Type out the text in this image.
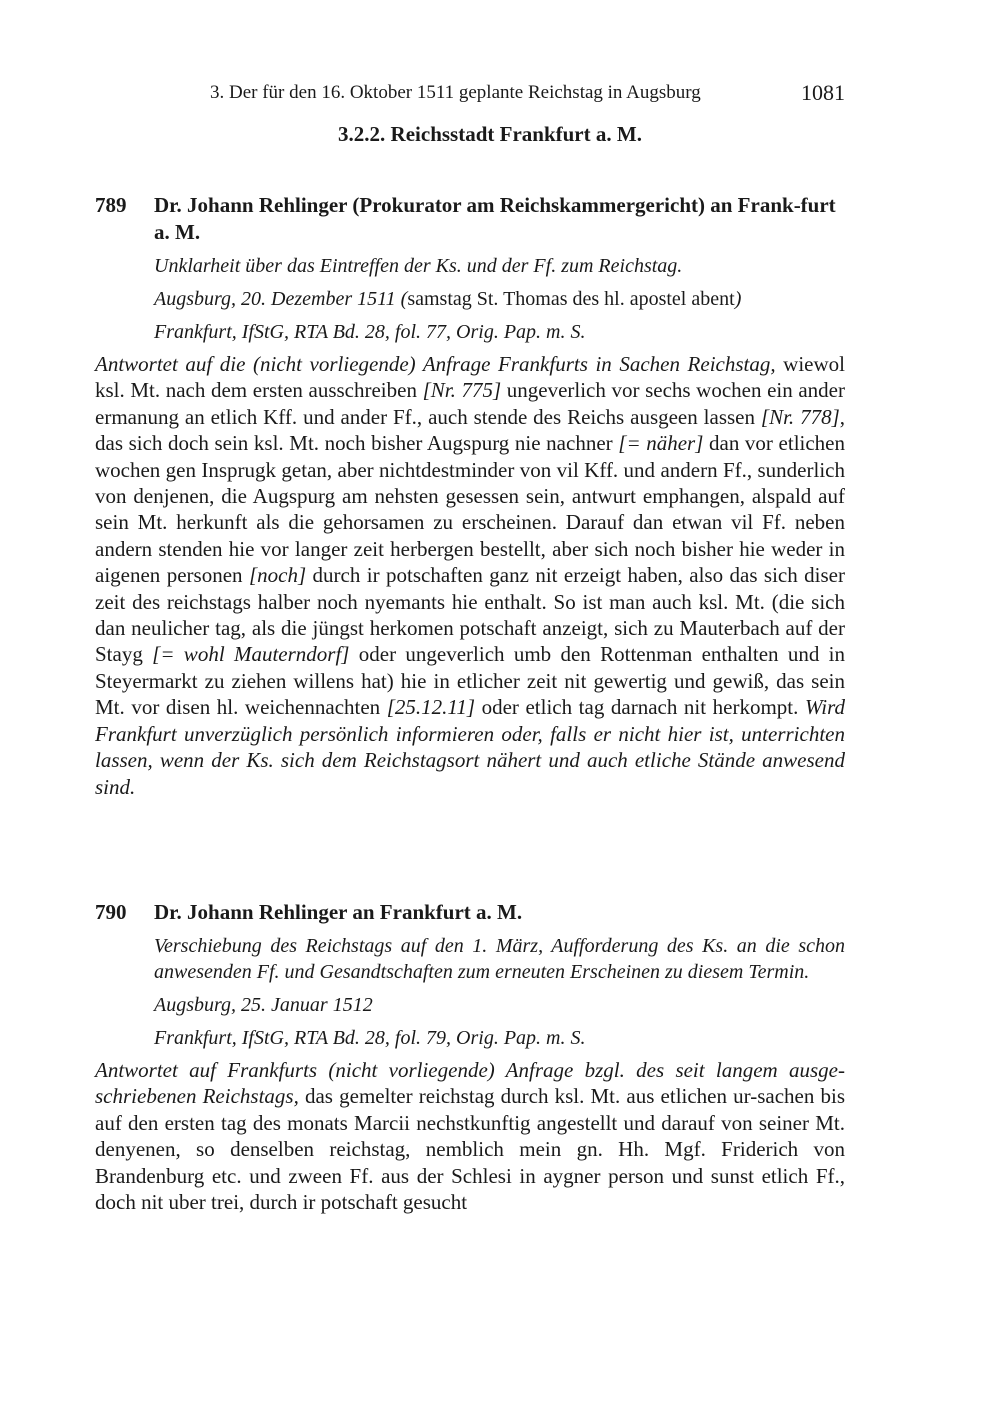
3. Der für den 16. Oktober 1511 geplante Reichstag in Augsburg	1081
3.2.2. Reichsstadt Frankfurt a. M.
789 Dr. Johann Rehlinger (Prokurator am Reichskammergericht) an Frank-furt a. M.
Unklarheit über das Eintreffen der Ks. und der Ff. zum Reichstag.
Augsburg, 20. Dezember 1511 (samstag St. Thomas des hl. apostel abent)
Frankfurt, IfStG, RTA Bd. 28, fol. 77, Orig. Pap. m. S.
Antwortet auf die (nicht vorliegende) Anfrage Frankfurts in Sachen Reichstag, wiewol ksl. Mt. nach dem ersten ausschreiben [Nr. 775] ungeverlich vor sechs wochen ein ander ermanung an etlich Kff. und ander Ff., auch stende des Reichs ausgeen lassen [Nr. 778], das sich doch sein ksl. Mt. noch bisher Augspurg nie nachner [= näher] dan vor etlichen wochen gen Insprugk getan, aber nichtdestminder von vil Kff. und andern Ff., sunderlich von denjenen, die Augspurg am nehsten gesessen sein, antwurt emphangen, alspald auf sein Mt. herkunft als die gehorsamen zu erscheinen. Darauf dan etwan vil Ff. neben andern stenden hie vor langer zeit herbergen bestellt, aber sich noch bisher hie weder in aigenen personen [noch] durch ir potschaften ganz nit erzeigt haben, also das sich diser zeit des reichstags halber noch nyemants hie enthalt. So ist man auch ksl. Mt. (die sich dan neulicher tag, als die jüngst herkomen potschaft anzeigt, sich zu Mauterbach auf der Stayg [= wohl Mauterndorf] oder ungeverlich umb den Rottenman enthalten und in Steyermarkt zu ziehen willens hat) hie in etlicher zeit nit gewertig und gewiß, das sein Mt. vor disen hl. weichennachten [25.12.11] oder etlich tag darnach nit herkompt. Wird Frankfurt unverzüglich persönlich informieren oder, falls er nicht hier ist, unterrichten lassen, wenn der Ks. sich dem Reichstagsort nähert und auch etliche Stände anwesend sind.
790 Dr. Johann Rehlinger an Frankfurt a. M.
Verschiebung des Reichstags auf den 1. März, Aufforderung des Ks. an die schon anwesenden Ff. und Gesandtschaften zum erneuten Erscheinen zu diesem Termin.
Augsburg, 25. Januar 1512
Frankfurt, IfStG, RTA Bd. 28, fol. 79, Orig. Pap. m. S.
Antwortet auf Frankfurts (nicht vorliegende) Anfrage bzgl. des seit langem ausge-schriebenen Reichstags, das gemelter reichstag durch ksl. Mt. aus etlichen ur-sachen bis auf den ersten tag des monats Marcii nechstkunftig angestellt und darauf von seiner Mt. denyenen, so denselben reichstag, nemblich mein gn. Hh. Mgf. Friderich von Brandenburg etc. und zween Ff. aus der Schlesi in aygner person und sunst etlich Ff., doch nit uber trei, durch ir potschaft gesucht
